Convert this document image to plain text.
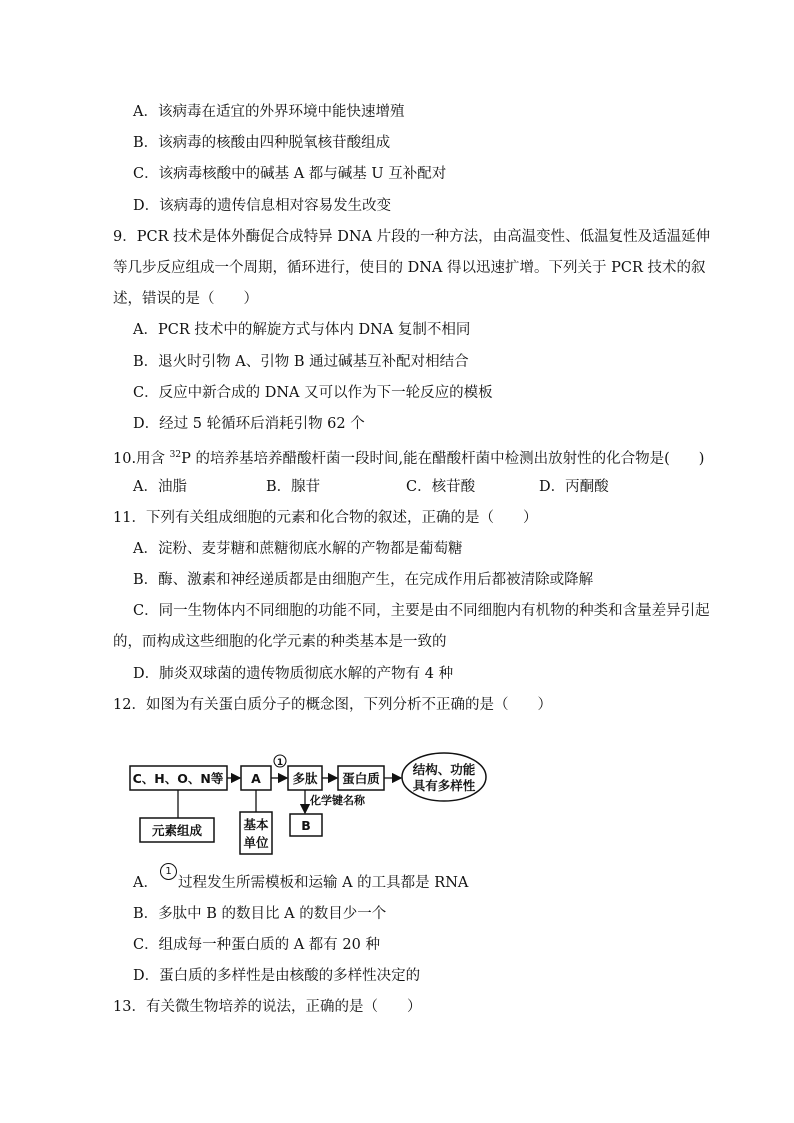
A．该病毒在适宜的外界环境中能快速增殖
B．该病毒的核酸由四种脱氧核苷酸组成
C．该病毒核酸中的碱基 A 都与碱基 U 互补配对
D．该病毒的遗传信息相对容易发生改变
9．PCR 技术是体外酶促合成特异 DNA 片段的一种方法，由高温变性、低温复性及适温延伸
等几步反应组成一个周期，循环进行，使目的 DNA 得以迅速扩增。下列关于 PCR 技术的叙
述，错误的是（　　）
A．PCR 技术中的解旋方式与体内 DNA 复制不相同
B．退火时引物 A、引物 B 通过碱基互补配对相结合
C．反应中新合成的 DNA 又可以作为下一轮反应的模板
D．经过 5 轮循环后消耗引物 62 个
10.用含 $^{32}$P 的培养基培养醋酸杆菌一段时间,能在醋酸杆菌中检测出放射性的化合物是(　　)
A．油脂	B．腺苷	C．核苷酸	D．丙酮酸
11．下列有关组成细胞的元素和化合物的叙述，正确的是（　　）
A．淀粉、麦芽糖和蔗糖彻底水解的产物都是葡萄糖
B．酶、激素和神经递质都是由细胞产生，在完成作用后都被清除或降解
C．同一生物体内不同细胞的功能不同，主要是由不同细胞内有机物的种类和含量差异引起
的，而构成这些细胞的化学元素的种类基本是一致的
D．肺炎双球菌的遗传物质彻底水解的产物有 4 种
12．如图为有关蛋白质分子的概念图，下列分析不正确的是（　　）
C、H、O、N等 A	多肽 蛋白质
结构、功能
具有多样性
1
元素组成	基本
单位
化学键名称
B
A． 过程发生所需模板和运输 A 的工具都是 RNA
1
B．多肽中 B 的数目比 A 的数目少一个
C．组成每一种蛋白质的 A 都有 20 种
D．蛋白质的多样性是由核酸的多样性决定的
13．有关微生物培养的说法，正确的是（　　）
